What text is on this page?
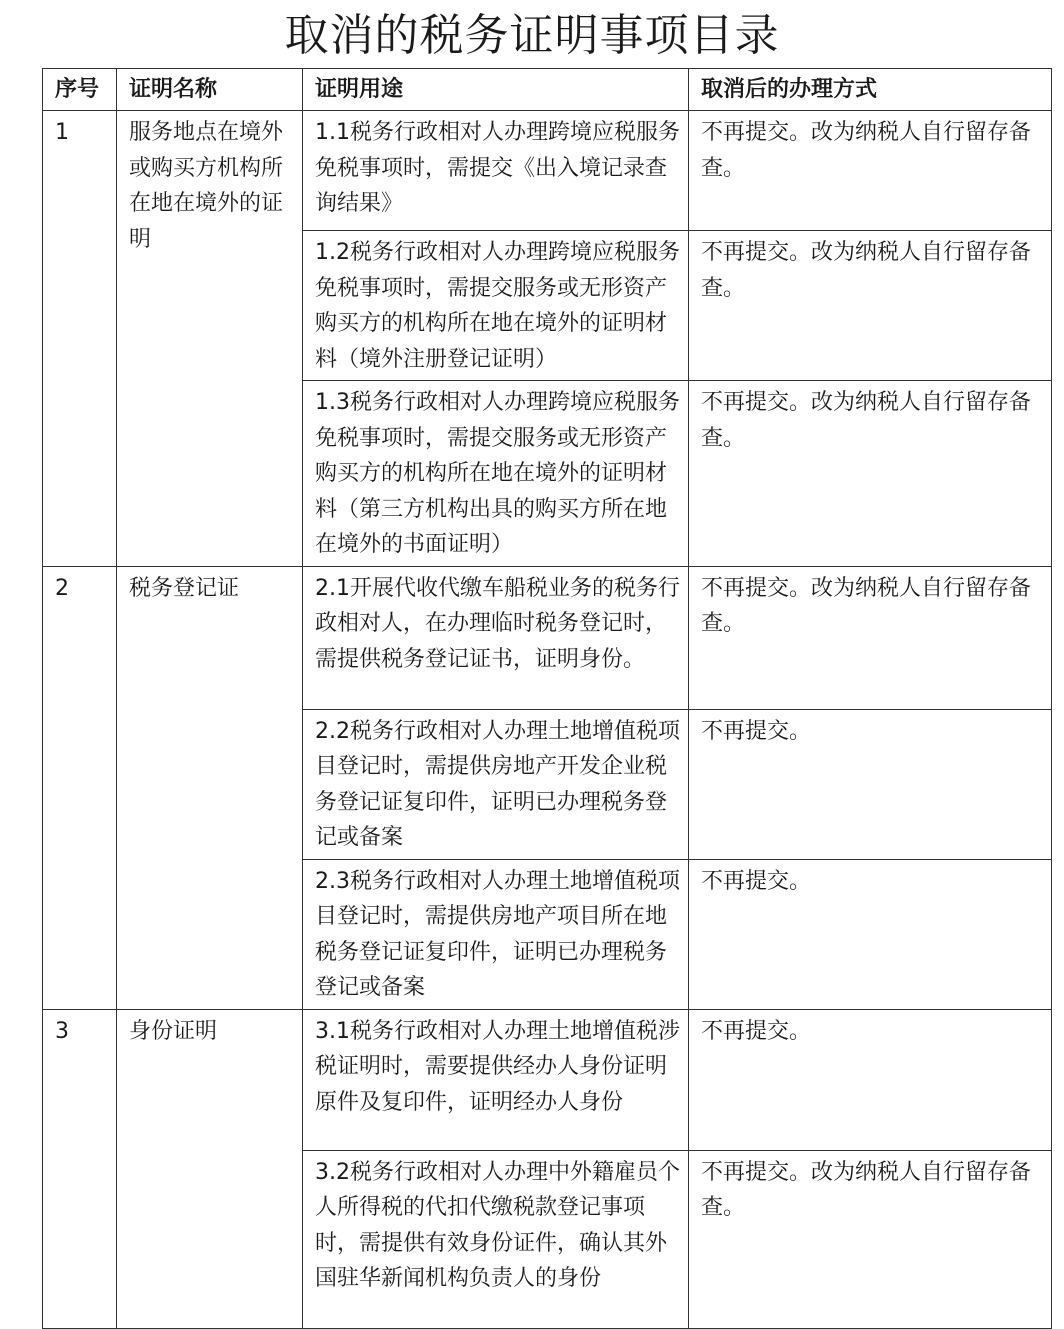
取消的税务证明事项目录
序号	证明名称	证明用途	取消后的办理方式
1	服务地点在境外或购买方机构所在地在境外的证明	1.1税务行政相对人办理跨境应税服务免税事项时，需提交《出入境记录查询结果》	不再提交。改为纳税人自行留存备查。
		1.2税务行政相对人办理跨境应税服务免税事项时，需提交服务或无形资产购买方的机构所在地在境外的证明材料（境外注册登记证明）	不再提交。改为纳税人自行留存备查。
		1.3税务行政相对人办理跨境应税服务免税事项时，需提交服务或无形资产购买方的机构所在地在境外的证明材料（第三方机构出具的购买方所在地在境外的书面证明）	不再提交。改为纳税人自行留存备查。
2	税务登记证	2.1开展代收代缴车船税业务的税务行政相对人，在办理临时税务登记时，需提供税务登记证书，证明身份。	不再提交。改为纳税人自行留存备查。
		2.2税务行政相对人办理土地增值税项目登记时，需提供房地产开发企业税务登记证复印件，证明已办理税务登记或备案	不再提交。
		2.3税务行政相对人办理土地增值税项目登记时，需提供房地产项目所在地税务登记证复印件，证明已办理税务登记或备案	不再提交。
3	身份证明	3.1税务行政相对人办理土地增值税涉税证明时，需要提供经办人身份证明原件及复印件，证明经办人身份	不再提交。
		3.2税务行政相对人办理中外籍雇员个人所得税的代扣代缴税款登记事项时，需提供有效身份证件，确认其外国驻华新闻机构负责人的身份	不再提交。改为纳税人自行留存备查。
